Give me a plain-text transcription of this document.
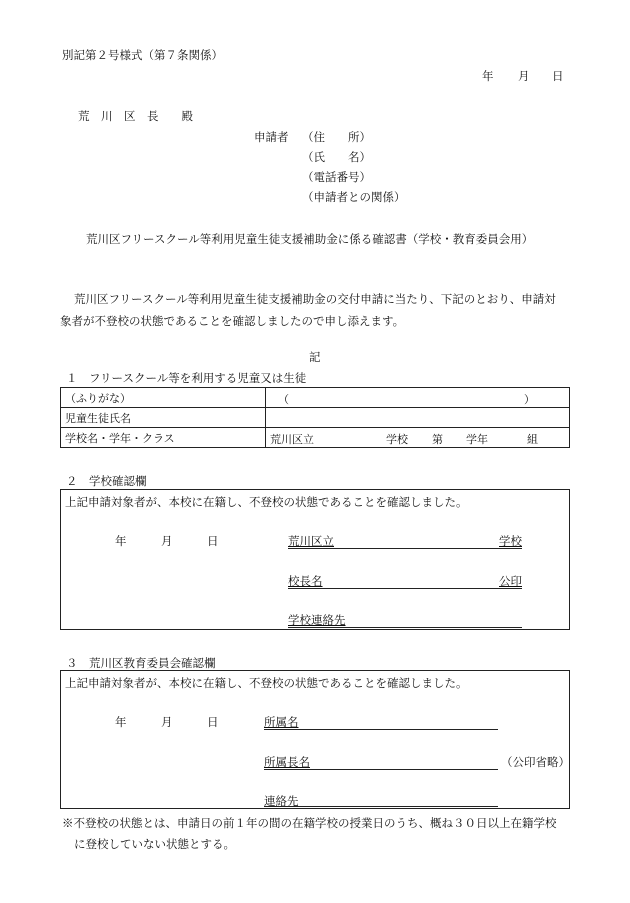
別記第２号様式（第７条関係）
年 月 日
荒　川　区　長　　殿
申請者 （住　　所）
（氏　　名）
（電話番号）
（申請者との関係）
荒川区フリースクール等利用児童生徒支援補助金に係る確認書（学校・教育委員会用）
荒川区フリースクール等利用児童生徒支援補助金の交付申請に当たり、下記のとおり、申請対
象者が不登校の状態であることを確認しましたので申し添えます。
記
１　フリースクール等を利用する児童又は生徒
（ふりがな）	（ ）

児童生徒氏名	
学校名・学年・クラス	荒川区立 学校 第 学年 組
２　学校確認欄
上記申請対象者が、本校に在籍し、不登校の状態であることを確認しました。
年	月	日	荒川区立	学校
校長名	公印
学校連絡先
３　荒川区教育委員会確認欄
上記申請対象者が、本校に在籍し、不登校の状態であることを確認しました。
年	月	日	所属名
所属長名	（公印省略）
連絡先
※不登校の状態とは、申請日の前１年の間の在籍学校の授業日のうち、概ね３０日以上在籍学校
に登校していない状態とする。
